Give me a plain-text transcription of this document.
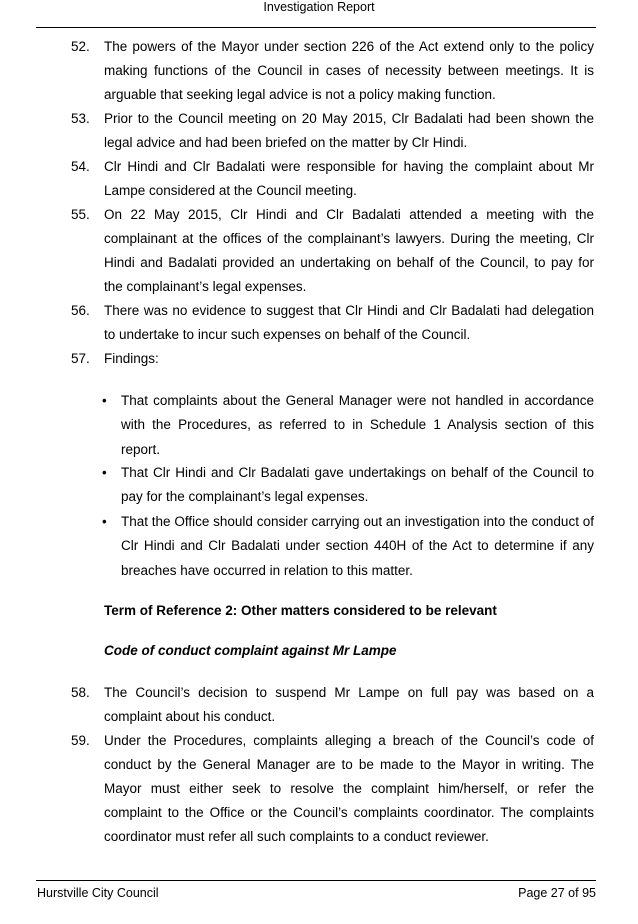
Investigation Report
52.	The powers of the Mayor under section 226 of the Act extend only to the policy making functions of the Council in cases of necessity between meetings. It is arguable that seeking legal advice is not a policy making function.
53.	Prior to the Council meeting on 20 May 2015, Clr Badalati had been shown the legal advice and had been briefed on the matter by Clr Hindi.
54.	Clr Hindi and Clr Badalati were responsible for having the complaint about Mr Lampe considered at the Council meeting.
55.	On 22 May 2015, Clr Hindi and Clr Badalati attended a meeting with the complainant at the offices of the complainant’s lawyers. During the meeting, Clr Hindi and Badalati provided an undertaking on behalf of the Council, to pay for the complainant’s legal expenses.
56.	There was no evidence to suggest that Clr Hindi and Clr Badalati had delegation to undertake to incur such expenses on behalf of the Council.
57.	Findings:
• That complaints about the General Manager were not handled in accordance with the Procedures, as referred to in Schedule 1 Analysis section of this report.
• That Clr Hindi and Clr Badalati gave undertakings on behalf of the Council to pay for the complainant’s legal expenses.
• That the Office should consider carrying out an investigation into the conduct of Clr Hindi and Clr Badalati under section 440H of the Act to determine if any breaches have occurred in relation to this matter.
Term of Reference 2: Other matters considered to be relevant
Code of conduct complaint against Mr Lampe
58.	The Council’s decision to suspend Mr Lampe on full pay was based on a complaint about his conduct.
59.	Under the Procedures, complaints alleging a breach of the Council’s code of conduct by the General Manager are to be made to the Mayor in writing. The Mayor must either seek to resolve the complaint him/herself, or refer the complaint to the Office or the Council’s complaints coordinator. The complaints coordinator must refer all such complaints to a conduct reviewer.
Hurstville City Council	Page 27 of 95
